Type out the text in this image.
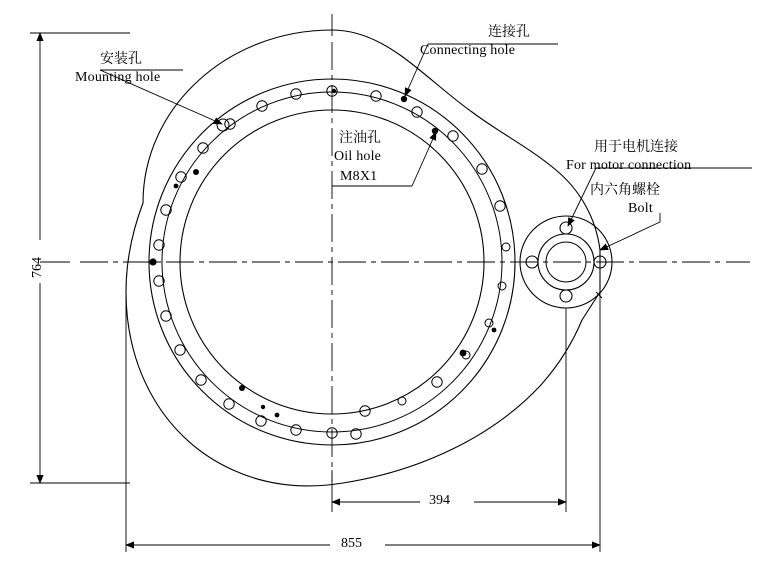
安装孔
Mounting hole
连接孔
Connecting hole
注油孔
Oil hole
M8X1
用于电机连接
For motor connection
内六角螺栓
Bolt
764
394
855
